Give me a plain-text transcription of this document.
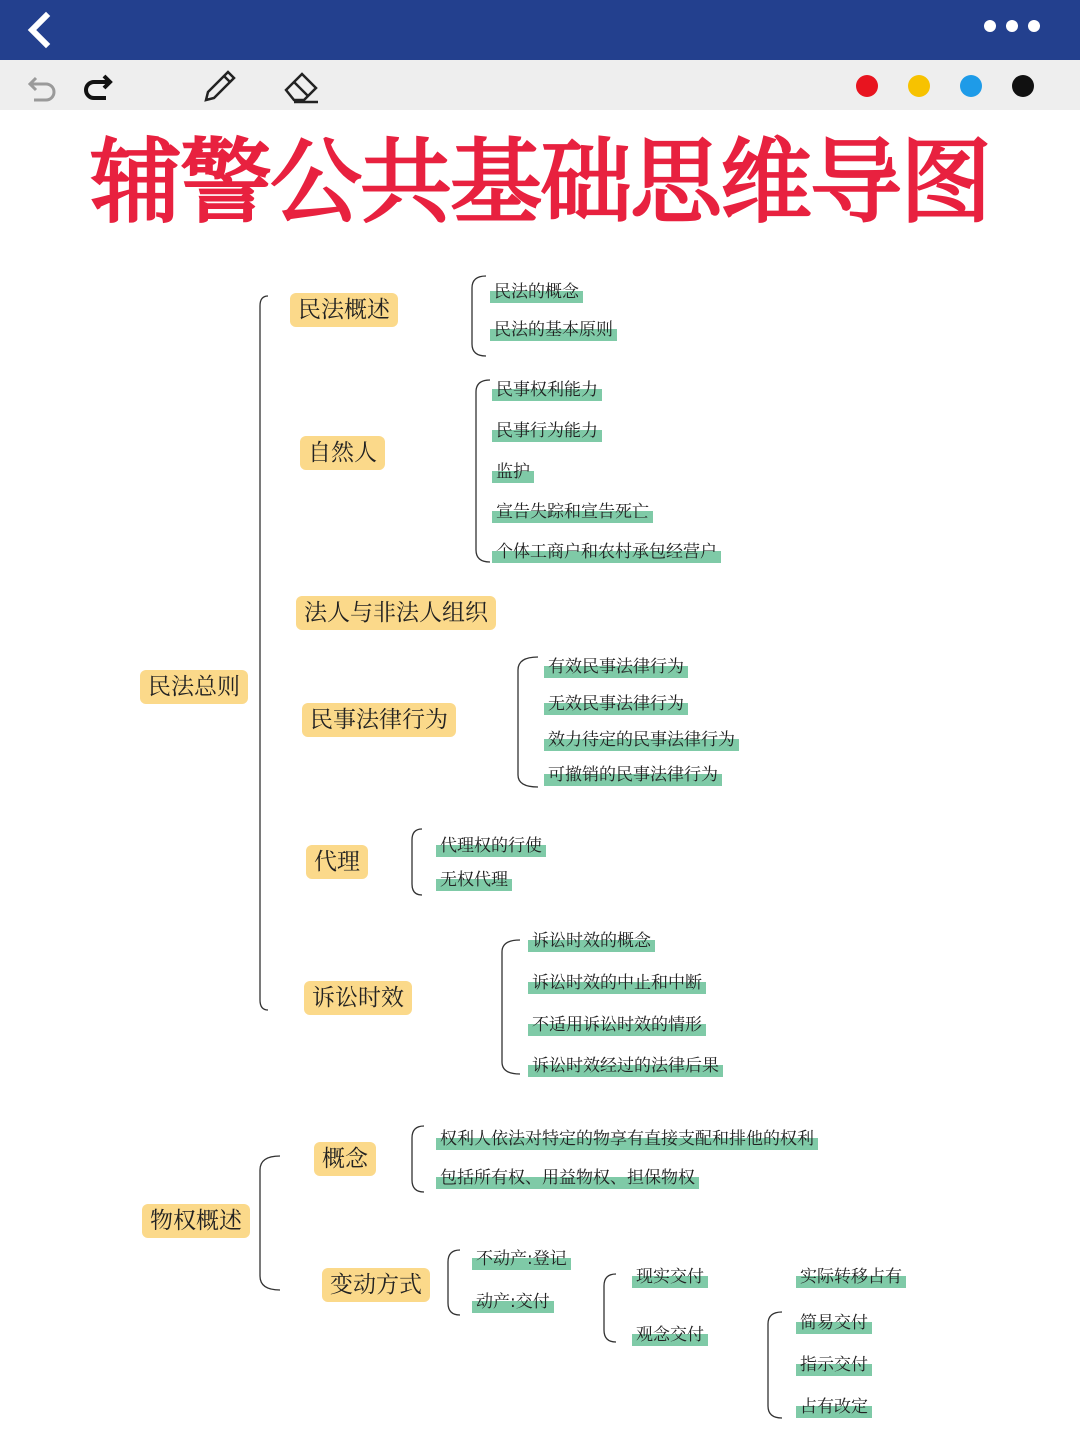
辅警公共基础思维导图
民法总则
民法概述
民法的概念
民法的基本原则
自然人
民事权利能力
民事行为能力
监护
宣告失踪和宣告死亡
个体工商户和农村承包经营户
法人与非法人组织
民事法律行为
有效民事法律行为
无效民事法律行为
效力待定的民事法律行为
可撤销的民事法律行为
代理
代理权的行使
无权代理
诉讼时效
诉讼时效的概念
诉讼时效的中止和中断
不适用诉讼时效的情形
诉讼时效经过的法律后果
物权概述
概念
权利人依法对特定的物享有直接支配和排他的权利
包括所有权、用益物权、担保物权
变动方式
不动产:登记
动产:交付
现实交付
观念交付
实际转移占有
简易交付
指示交付
占有改定
